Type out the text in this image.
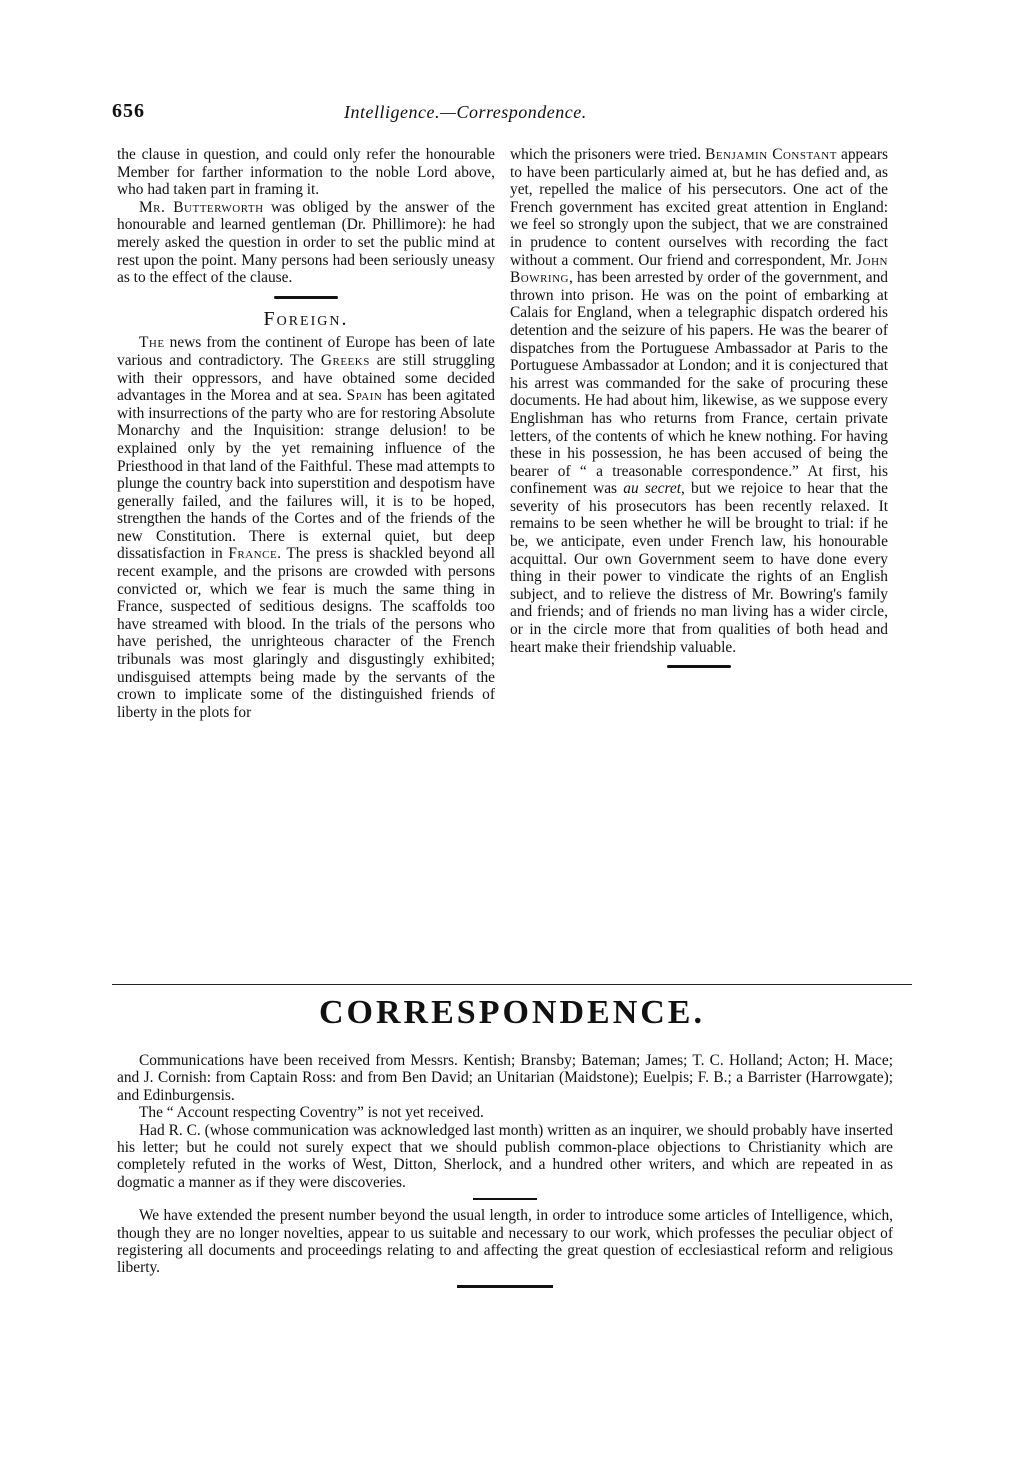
656	Intelligence.—Correspondence.

the clause in question, and could only refer the honourable Member for farther information to the noble Lord above, who had taken part in framing it.

Mr. Butterworth was obliged by the answer of the honourable and learned gentleman (Dr. Phillimore): he had merely asked the question in order to set the public mind at rest upon the point. Many persons had been seriously uneasy as to the effect of the clause.

Foreign.

The news from the continent of Europe has been of late various and contradictory. The Greeks are still struggling with their oppressors, and have obtained some decided advantages in the Morea and at sea. Spain has been agitated with insurrections of the party who are for restoring Absolute Monarchy and the Inquisition: strange delusion! to be explained only by the yet remaining influence of the Priesthood in that land of the Faithful. These mad attempts to plunge the country back into superstition and despotism have generally failed, and the failures will, it is to be hoped, strengthen the hands of the Cortes and of the friends of the new Constitution. There is external quiet, but deep dissatisfaction in France. The press is shackled beyond all recent example, and the prisons are crowded with persons convicted or, which we fear is much the same thing in France, suspected of seditious designs. The scaffolds too have streamed with blood. In the trials of the persons who have perished, the unrighteous character of the French tribunals was most glaringly and disgustingly exhibited; undisguised attempts being made by the servants of the crown to implicate some of the distinguished friends of liberty in the plots for

which the prisoners were tried. Benjamin Constant appears to have been particularly aimed at, but he has defied and, as yet, repelled the malice of his persecutors. One act of the French government has excited great attention in England: we feel so strongly upon the subject, that we are constrained in prudence to content ourselves with recording the fact without a comment. Our friend and correspondent, Mr. John Bowring, has been arrested by order of the government, and thrown into prison. He was on the point of embarking at Calais for England, when a telegraphic dispatch ordered his detention and the seizure of his papers. He was the bearer of dispatches from the Portuguese Ambassador at Paris to the Portuguese Ambassador at London; and it is conjectured that his arrest was commanded for the sake of procuring these documents. He had about him, likewise, as we suppose every Englishman has who returns from France, certain private letters, of the contents of which he knew nothing. For having these in his possession, he has been accused of being the bearer of “ a treasonable correspondence.” At first, his confinement was au secret, but we rejoice to hear that the severity of his prosecutors has been recently relaxed. It remains to be seen whether he will be brought to trial: if he be, we anticipate, even under French law, his honourable acquittal. Our own Government seem to have done every thing in their power to vindicate the rights of an English subject, and to relieve the distress of Mr. Bowring's family and friends; and of friends no man living has a wider circle, or in the circle more that from qualities of both head and heart make their friendship valuable.

CORRESPONDENCE.

Communications have been received from Messrs. Kentish; Bransby; Bateman; James; T. C. Holland; Acton; H. Mace; and J. Cornish: from Captain Ross: and from Ben David; an Unitarian (Maidstone); Euelpis; F. B.; a Barrister (Harrowgate); and Edinburgensis.

The “ Account respecting Coventry” is not yet received.

Had R. C. (whose communication was acknowledged last month) written as an inquirer, we should probably have inserted his letter; but he could not surely expect that we should publish common-place objections to Christianity which are completely refuted in the works of West, Ditton, Sherlock, and a hundred other writers, and which are repeated in as dogmatic a manner as if they were discoveries.

We have extended the present number beyond the usual length, in order to introduce some articles of Intelligence, which, though they are no longer novelties, appear to us suitable and necessary to our work, which professes the peculiar object of registering all documents and proceedings relating to and affecting the great question of ecclesiastical reform and religious liberty.
